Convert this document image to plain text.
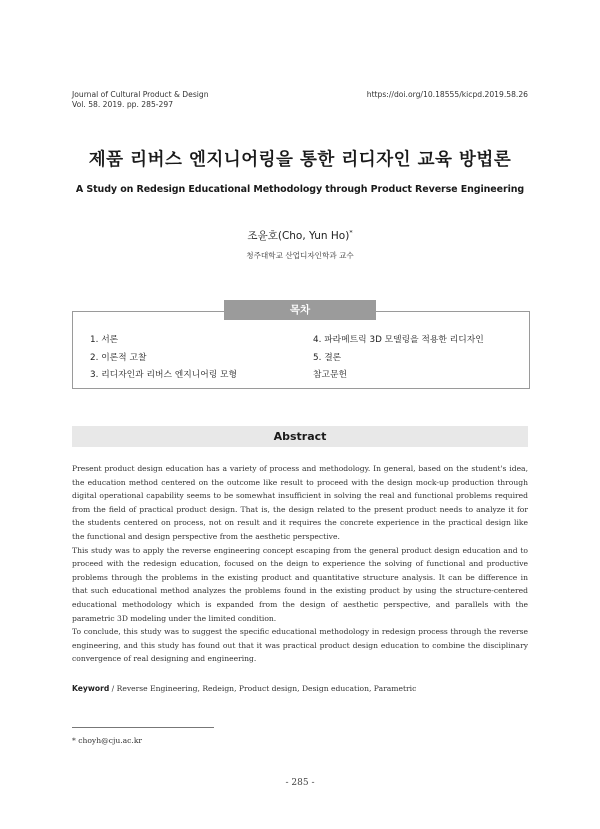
Journal of Cultural Product & Design
Vol. 58. 2019. pp. 285-297
https://doi.org/10.18555/kicpd.2019.58.26
제품 리버스 엔지니어링을 통한 리디자인 교육 방법론
A Study on Redesign Educational Methodology through Product Reverse Engineering
조윤호(Cho, Yun Ho)*
청주대학교 산업디자인학과 교수
목차
1. 서론
2. 이론적 고찰
3. 리디자인과 리버스 엔지니어링 모형
4. 파라메트릭 3D 모델링을 적용한 리디자인
5. 결론
참고문헌
Abstract

Present product design education has a variety of process and methodology. In general, based on the student's idea, the education method centered on the outcome like result to proceed with the design mock-up production through digital operational capability seems to be somewhat insufficient in solving the real and functional problems required from the field of practical product design. That is, the design related to the present product needs to analyze it for the students centered on process, not on result and it requires the concrete experience in the practical design like the functional and design perspective from the aesthetic perspective.

This study was to apply the reverse engineering concept escaping from the general product design education and to proceed with the redesign education, focused on the deign to experience the solving of functional and productive problems through the problems in the existing product and quantitative structure analysis. It can be difference in that such educational method analyzes the problems found in the existing product by using the structure-centered educational methodology which is expanded from the design of aesthetic perspective, and parallels with the parametric 3D modeling under the limited condition.

To conclude, this study was to suggest the specific educational methodology in redesign process through the reverse engineering, and this study has found out that it was practical product design education to combine the disciplinary convergence of real designing and engineering.

Keyword / Reverse Engineering, Redeign, Product design, Design education, Parametric
* choyh@cju.ac.kr
- 285 -
